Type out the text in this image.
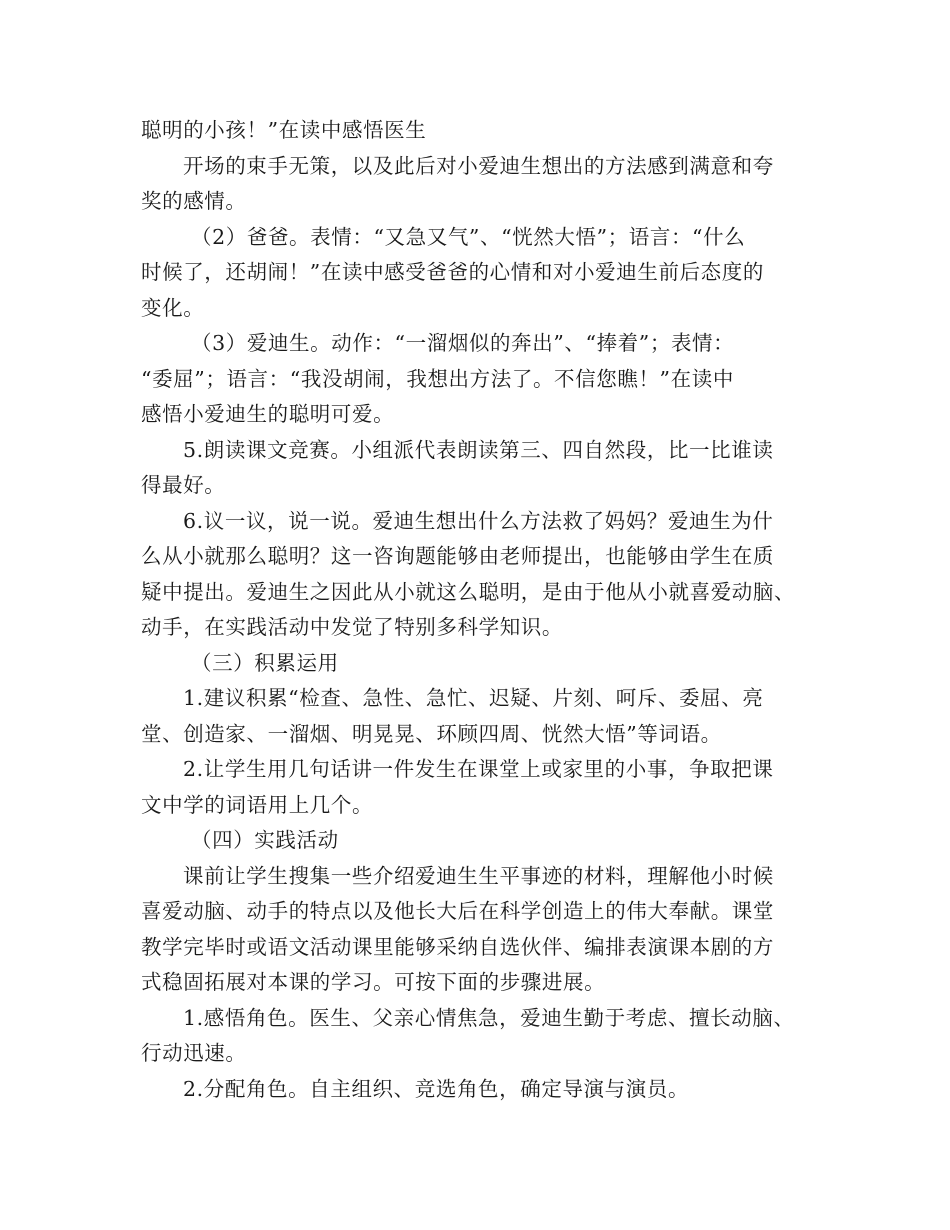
聪明的小孩！”在读中感悟医生
开场的束手无策，以及此后对小爱迪生想出的方法感到满意和夸
奖的感情。
（2）爸爸。表情：“又急又气”、“恍然大悟”；语言：“什么
时候了，还胡闹！”在读中感受爸爸的心情和对小爱迪生前后态度的
变化。
（3）爱迪生。动作：“一溜烟似的奔出”、“捧着”；表情：
“委屈”；语言：“我没胡闹，我想出方法了。不信您瞧！”在读中
感悟小爱迪生的聪明可爱。
5.朗读课文竞赛。小组派代表朗读第三、四自然段，比一比谁读
得最好。
6.议一议，说一说。爱迪生想出什么方法救了妈妈？爱迪生为什
么从小就那么聪明？这一咨询题能够由老师提出，也能够由学生在质
疑中提出。爱迪生之因此从小就这么聪明，是由于他从小就喜爱动脑、
动手，在实践活动中发觉了特别多科学知识。
（三）积累运用
1.建议积累“检查、急性、急忙、迟疑、片刻、呵斥、委屈、亮
堂、创造家、一溜烟、明晃晃、环顾四周、恍然大悟”等词语。
2.让学生用几句话讲一件发生在课堂上或家里的小事，争取把课
文中学的词语用上几个。
（四）实践活动
课前让学生搜集一些介绍爱迪生生平事迹的材料，理解他小时候
喜爱动脑、动手的特点以及他长大后在科学创造上的伟大奉献。课堂
教学完毕时或语文活动课里能够采纳自选伙伴、编排表演课本剧的方
式稳固拓展对本课的学习。可按下面的步骤进展。
1.感悟角色。医生、父亲心情焦急，爱迪生勤于考虑、擅长动脑、
行动迅速。
2.分配角色。自主组织、竞选角色，确定导演与演员。
